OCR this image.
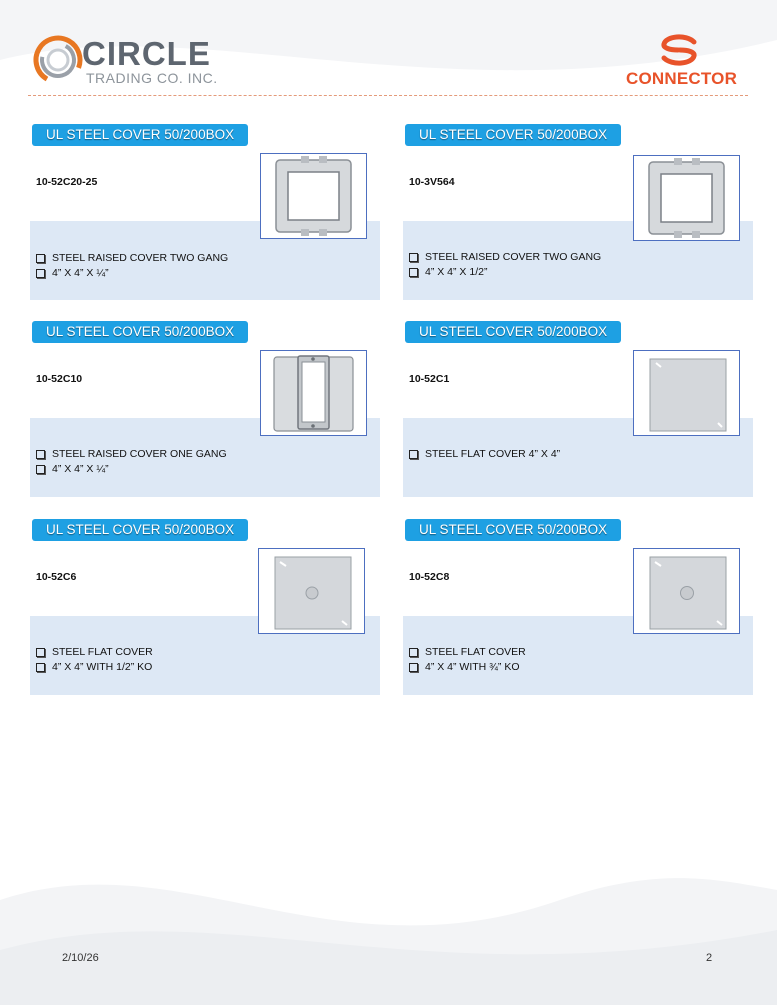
CIRCLE
TRADING CO. INC.	CONNECTOR
UL STEEL COVER 50/200BOX
10-52C20-25
STEEL RAISED COVER TWO GANG
4” X 4” X ¼”
UL STEEL COVER 50/200BOX
10-3V564
STEEL RAISED COVER TWO GANG
4” X 4” X 1/2”
UL STEEL COVER 50/200BOX
10-52C10
STEEL RAISED COVER ONE GANG
4” X 4” X ¼”
UL STEEL COVER 50/200BOX
10-52C1
STEEL FLAT COVER 4” X 4”
UL STEEL COVER 50/200BOX
10-52C6
STEEL FLAT COVER
4” X 4” WITH 1/2” KO
UL STEEL COVER 50/200BOX
10-52C8
STEEL FLAT COVER
4” X 4” WITH ¾” KO
2/10/26	2
